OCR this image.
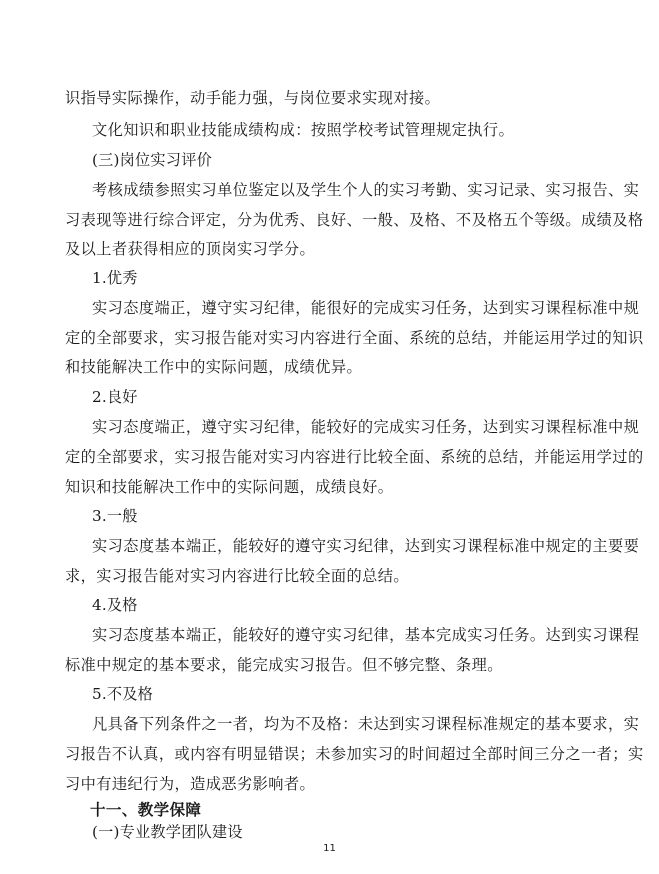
识指导实际操作，动手能力强，与岗位要求实现对接。
文化知识和职业技能成绩构成：按照学校考试管理规定执行。
(三)岗位实习评价
考核成绩参照实习单位鉴定以及学生个人的实习考勤、实习记录、实习报告、实
习表现等进行综合评定，分为优秀、良好、一般、及格、不及格五个等级。成绩及格
及以上者获得相应的顶岗实习学分。
1.优秀
实习态度端正，遵守实习纪律，能很好的完成实习任务，达到实习课程标准中规
定的全部要求，实习报告能对实习内容进行全面、系统的总结，并能运用学过的知识
和技能解决工作中的实际问题，成绩优异。
2.良好
实习态度端正，遵守实习纪律，能较好的完成实习任务，达到实习课程标准中规
定的全部要求，实习报告能对实习内容进行比较全面、系统的总结，并能运用学过的
知识和技能解决工作中的实际问题，成绩良好。
3.一般
实习态度基本端正，能较好的遵守实习纪律，达到实习课程标准中规定的主要要
求，实习报告能对实习内容进行比较全面的总结。
4.及格
实习态度基本端正，能较好的遵守实习纪律，基本完成实习任务。达到实习课程
标准中规定的基本要求，能完成实习报告。但不够完整、条理。
5.不及格
凡具备下列条件之一者，均为不及格：未达到实习课程标准规定的基本要求，实
习报告不认真，或内容有明显错误；未参加实习的时间超过全部时间三分之一者；实
习中有违纪行为，造成恶劣影响者。
十一、教学保障
(一)专业教学团队建设
11
